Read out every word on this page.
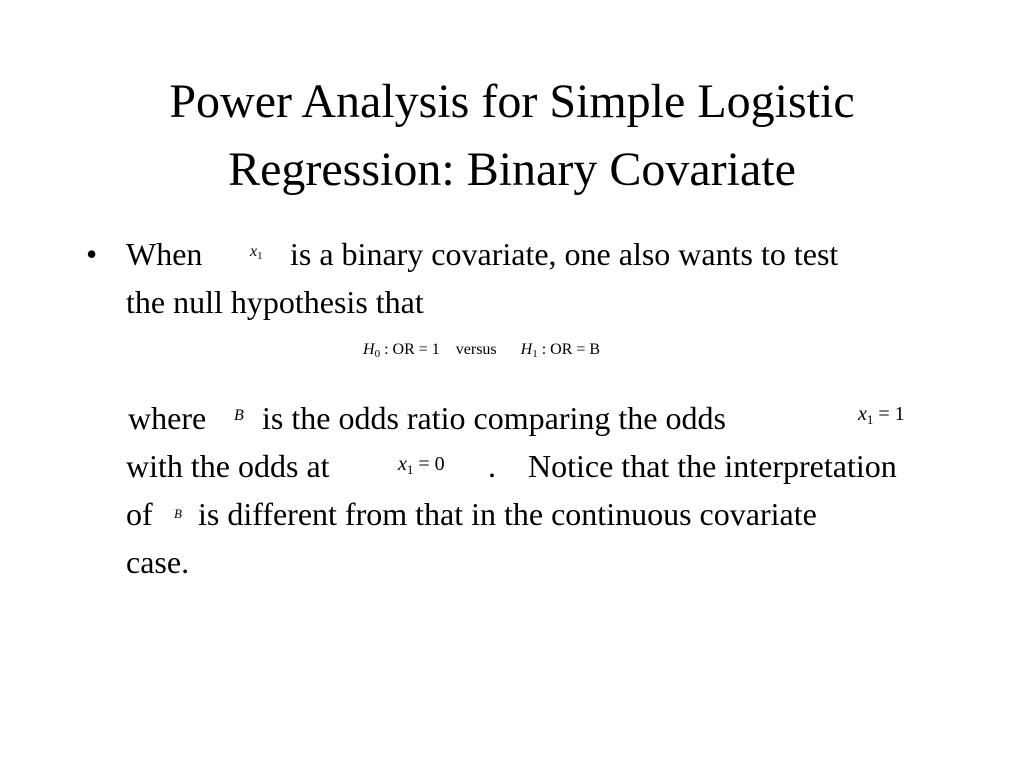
Power Analysis for Simple Logistic
Regression: Binary Covariate
• When	$x_1$ is a binary covariate, one also wants to test
the null hypothesis that
$H_0$ : OR = 1 versus $H_1$ : OR = B
where B is the odds ratio comparing the odds	$x_1 = 1$
with the odds at	$x_1 = 0$ . Notice that the interpretation
of B is different from that in the continuous covariate
case.
